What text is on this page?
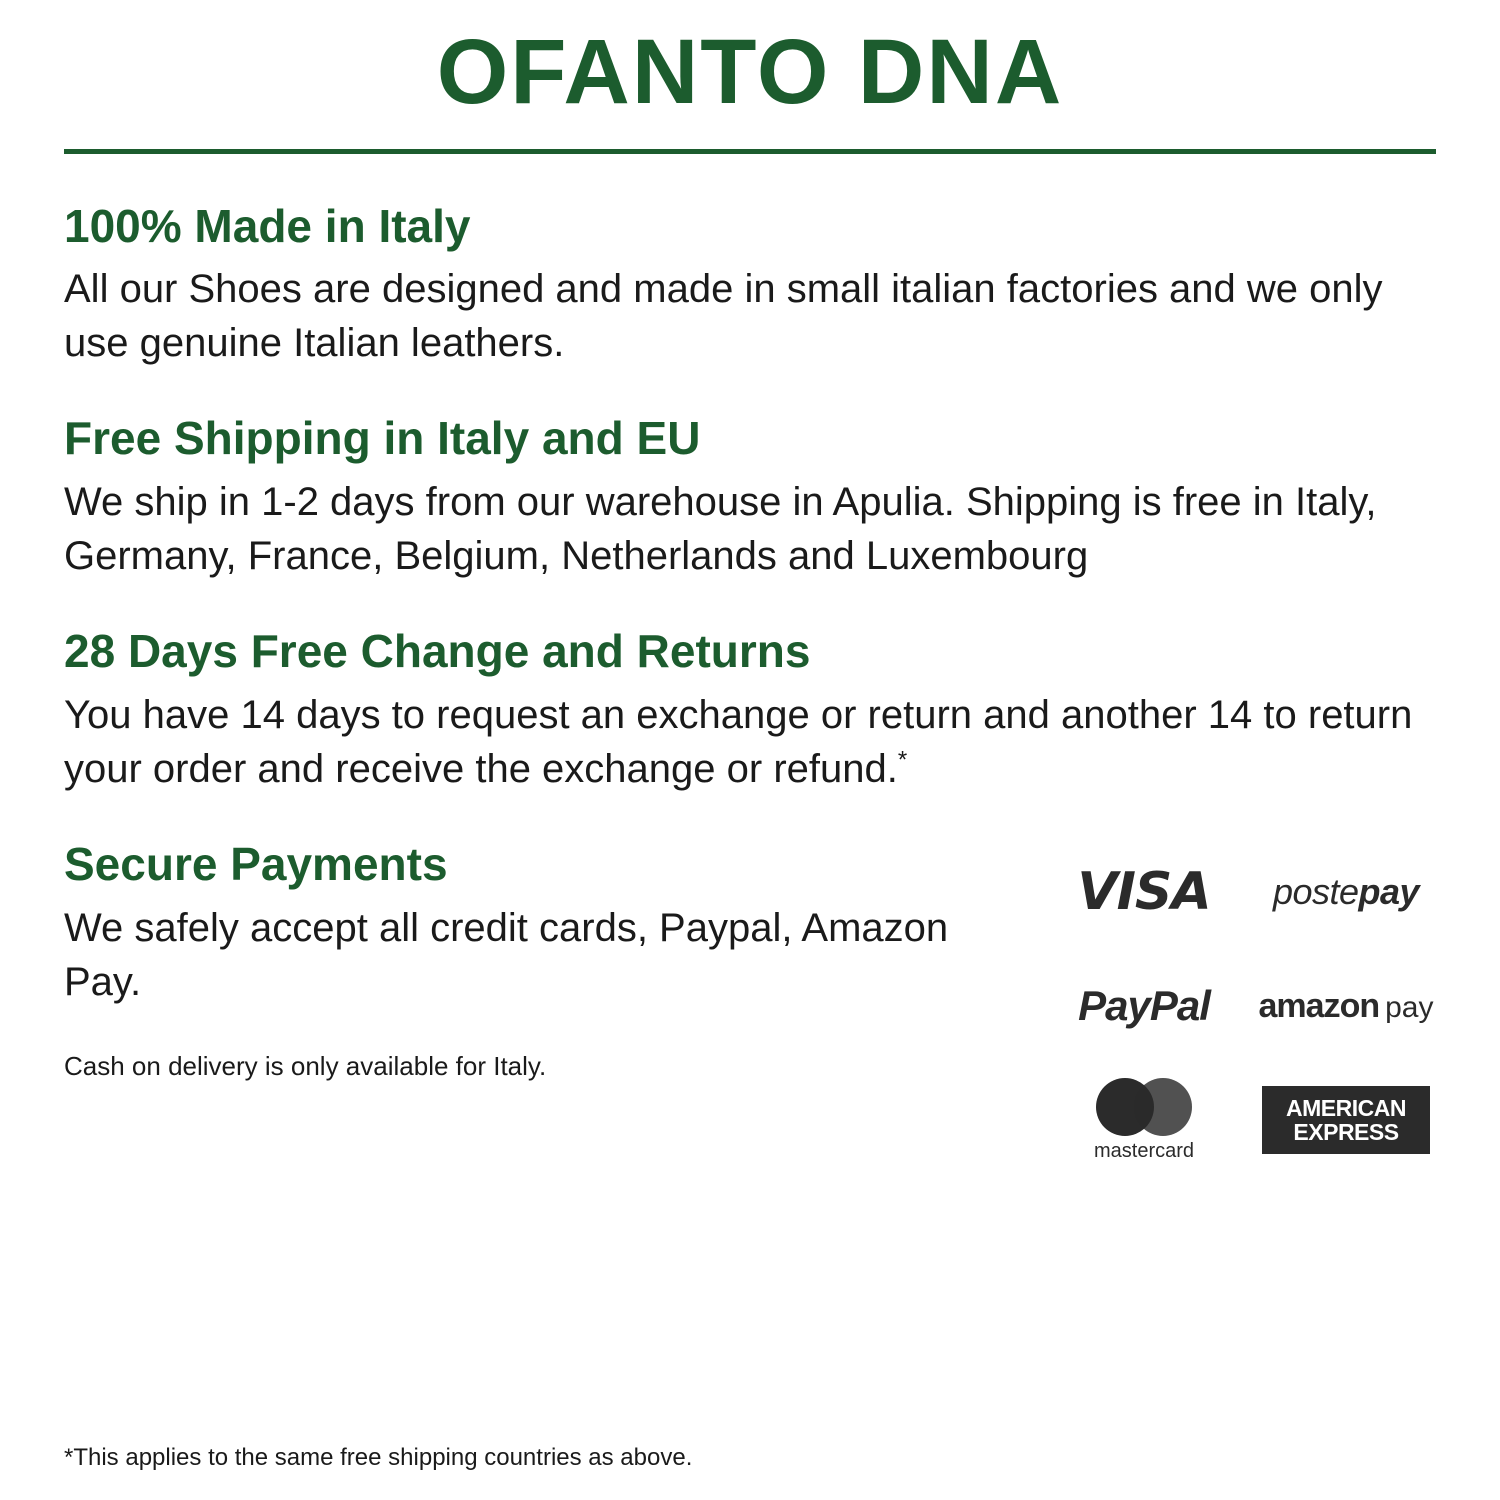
OFANTO DNA
100% Made in Italy

All our Shoes are designed and made in small italian factories and we only use genuine Italian leathers.

Free Shipping in Italy and EU

We ship in 1-2 days from our warehouse in Apulia. Shipping is free in Italy, Germany, France, Belgium, Netherlands and Luxembourg

28 Days Free Change and Returns

You have 14 days to request an exchange or return and another 14 to return your order and receive the exchange or refund.*

Secure Payments

We safely accept all credit cards, Paypal, Amazon Pay.

Cash on delivery is only available for Italy.
VISA postepay
PayPal amazon pay
mastercard
AMERICAN
EXPRESS
*This applies to the same free shipping countries as above.
